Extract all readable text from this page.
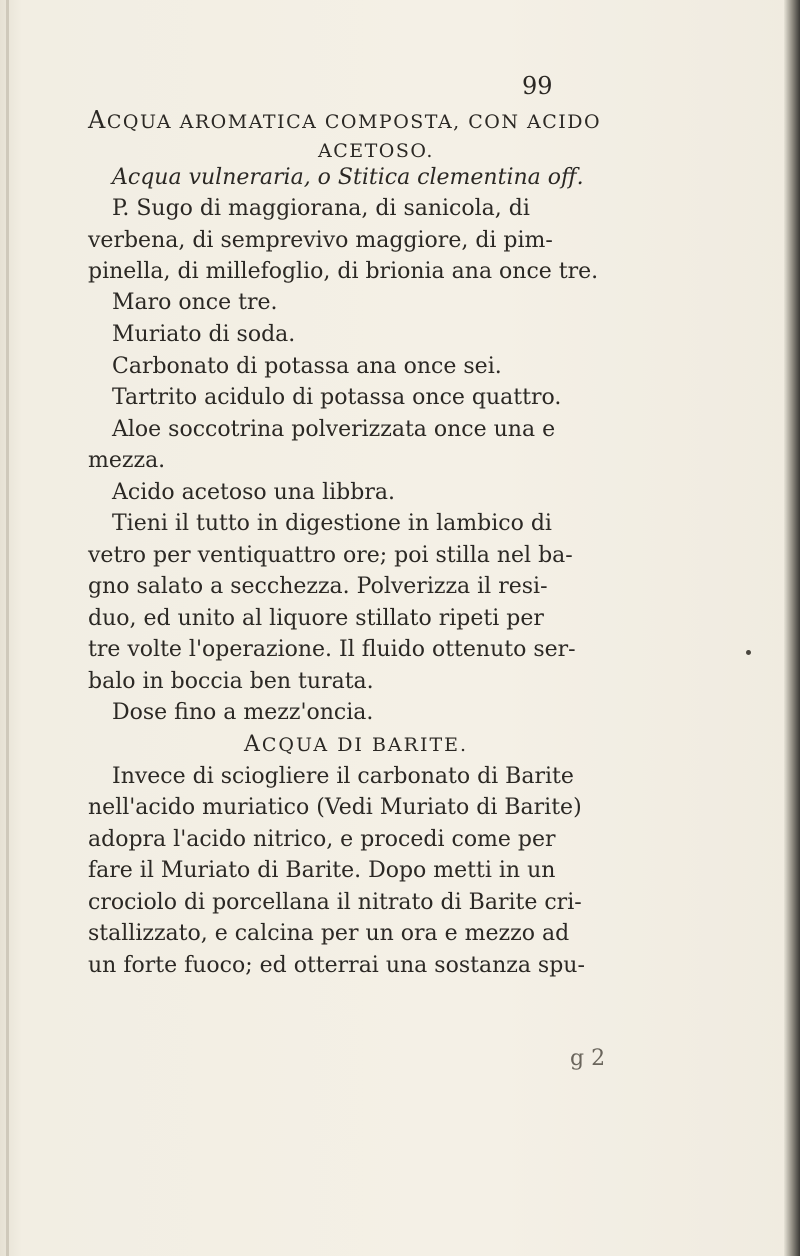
99

ACQUA AROMATICA COMPOSTA, CON ACIDO

ACETOSO.

Acqua vulneraria, o Stitica clementina off.

P. Sugo di maggiorana, di sanicola, di

verbena, di semprevivo maggiore, di pim-

pinella, di millefoglio, di brionia ana once tre.

Maro once tre.

Muriato di soda.

Carbonato di potassa ana once sei.

Tartrito acidulo di potassa once quattro.

Aloe soccotrina polverizzata once una e

mezza.

Acido acetoso una libbra.

Tieni il tutto in digestione in lambico di

vetro per ventiquattro ore; poi stilla nel ba-

gno salato a secchezza. Polverizza il resi-

duo, ed unito al liquore stillato ripeti per

tre volte l'operazione. Il fluido ottenuto ser-

balo in boccia ben turata.

Dose fino a mezz'oncia.

ACQUA DI BARITE.

Invece di sciogliere il carbonato di Barite

nell'acido muriatico (Vedi Muriato di Barite)

adopra l'acido nitrico, e procedi come per

fare il Muriato di Barite. Dopo metti in un

crociolo di porcellana il nitrato di Barite cri-

stallizzato, e calcina per un ora e mezzo ad

un forte fuoco; ed otterrai una sostanza spu-

g 2
